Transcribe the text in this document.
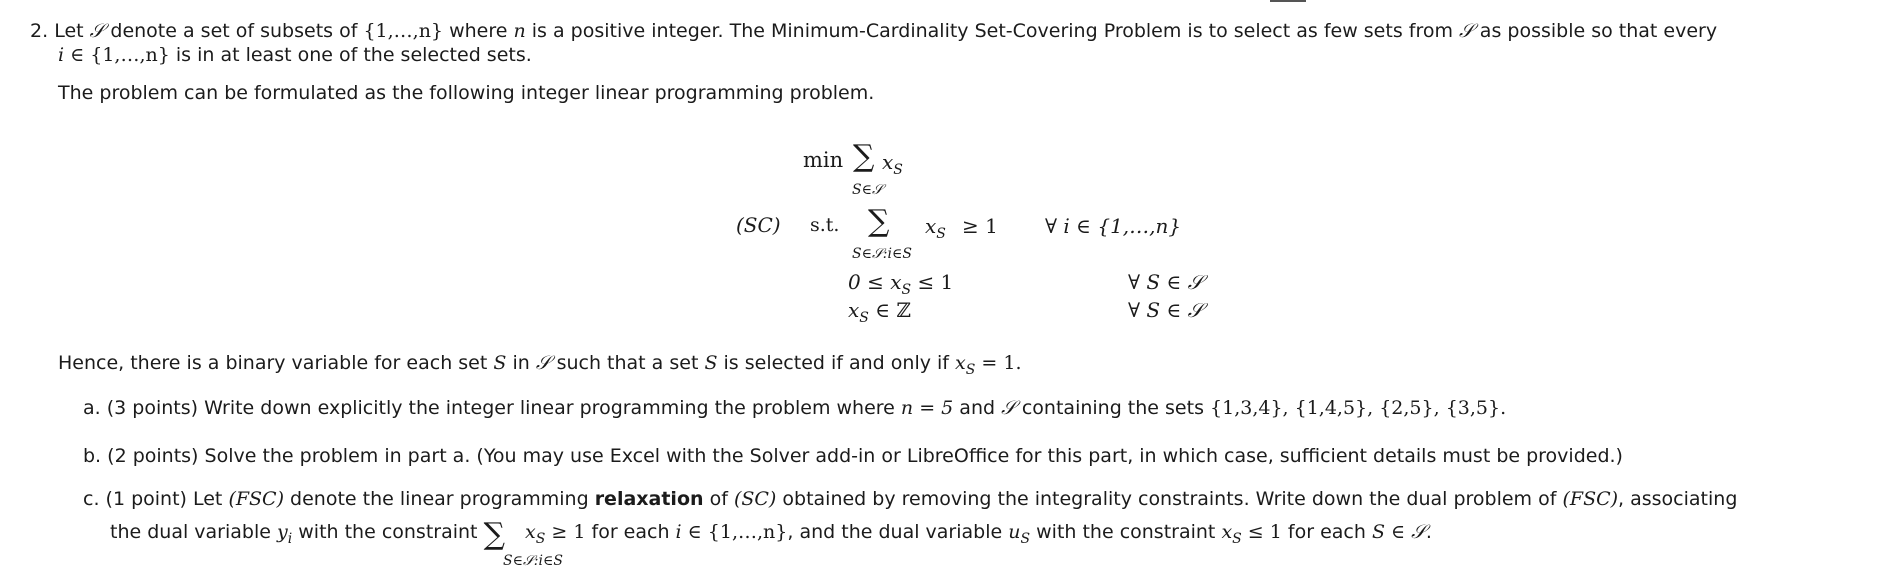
2. Let 𝒮 denote a set of subsets of {1,…,n} where n is a positive integer. The Minimum-Cardinality Set-Covering Problem is to select as few sets from 𝒮 as possible so that every
i ∈ {1,…,n} is in at least one of the selected sets.
The problem can be formulated as the following integer linear programming problem.
min ∑ $x_S$
S∈𝒮
(SC) s.t. ∑ $x_S \ge 1$
S∈𝒮:i∈S
∀ i ∈ {1,…,n}
$0 \le x_S \le 1$	∀ S ∈ 𝒮
$x_S$ ∈ ℤ	∀ S ∈ 𝒮
Hence, there is a binary variable for each set S in 𝒮 such that a set S is selected if and only if $x_S = 1$.
a. (3 points) Write down explicitly the integer linear programming the problem where n = 5 and 𝒮 containing the sets {1,3,4}, {1,4,5}, {2,5}, {3,5}.
b. (2 points) Solve the problem in part a. (You may use Excel with the Solver add-in or LibreOffice for this part, in which case, sufficient details must be provided.)
c. (1 point) Let (FSC) denote the linear programming relaxation of (SC) obtained by removing the integrality constraints. Write down the dual problem of (FSC), associating
the dual variable $y_i$ with the constraint ∑ $x_S \ge 1$ for each i ∈ {1,…,n}, and the dual variable $u_S$ with the constraint $x_S \le 1$ for each S ∈ 𝒮.
S∈𝒮:i∈S
